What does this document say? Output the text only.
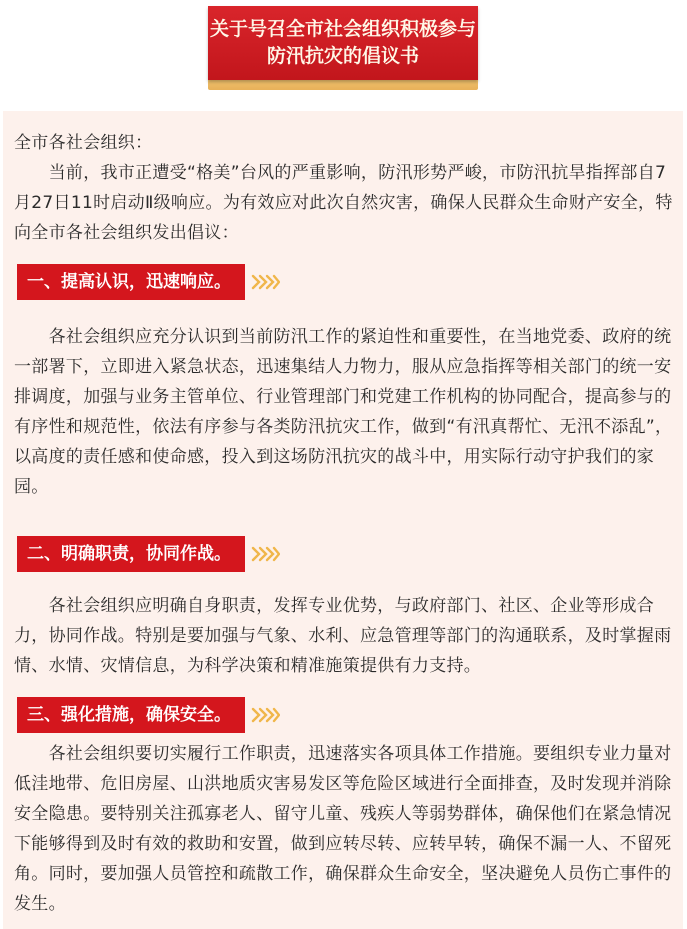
关于号召全市社会组织积极参与
防汛抗灾的倡议书

全市各社会组织：

　　当前，我市正遭受“格美”台风的严重影响，防汛形势严峻，市防汛抗旱指挥部自7月27日11时启动Ⅱ级响应。为有效应对此次自然灾害，确保人民群众生命财产安全，特向全市各社会组织发出倡议：

一、提高认识，迅速响应。

　　各社会组织应充分认识到当前防汛工作的紧迫性和重要性，在当地党委、政府的统一部署下，立即进入紧急状态，迅速集结人力物力，服从应急指挥等相关部门的统一安排调度，加强与业务主管单位、行业管理部门和党建工作机构的协同配合，提高参与的有序性和规范性，依法有序参与各类防汛抗灾工作，做到“有汛真帮忙、无汛不添乱”，以高度的责任感和使命感，投入到这场防汛抗灾的战斗中，用实际行动守护我们的家园。

二、明确职责，协同作战。

　　各社会组织应明确自身职责，发挥专业优势，与政府部门、社区、企业等形成合力，协同作战。特别是要加强与气象、水利、应急管理等部门的沟通联系，及时掌握雨情、水情、灾情信息，为科学决策和精准施策提供有力支持。

三、强化措施，确保安全。

　　各社会组织要切实履行工作职责，迅速落实各项具体工作措施。要组织专业力量对低洼地带、危旧房屋、山洪地质灾害易发区等危险区域进行全面排查，及时发现并消除安全隐患。要特别关注孤寡老人、留守儿童、残疾人等弱势群体，确保他们在紧急情况下能够得到及时有效的救助和安置，做到应转尽转、应转早转，确保不漏一人、不留死角。同时，要加强人员管控和疏散工作，确保群众生命安全，坚决避免人员伤亡事件的发生。
